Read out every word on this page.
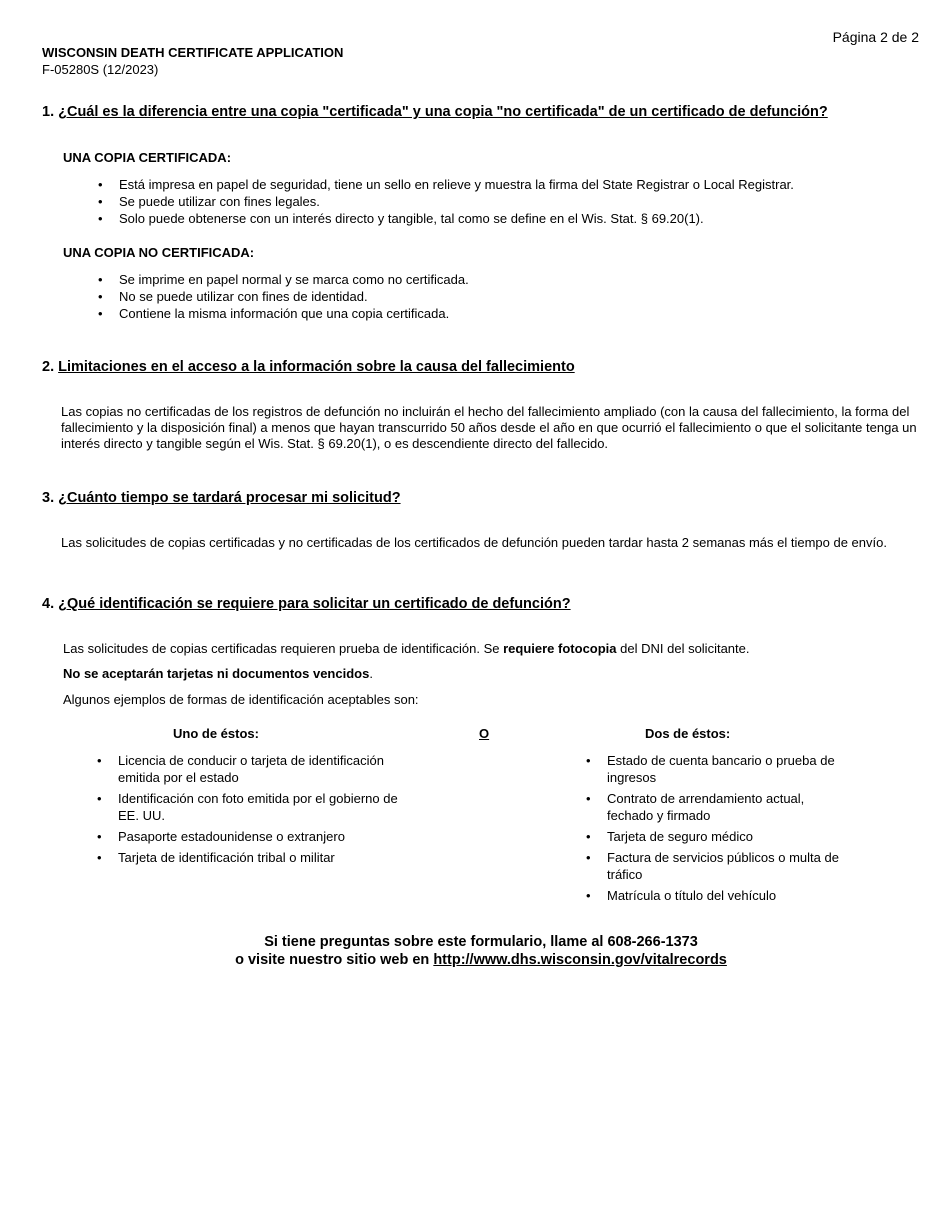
Página 2 de 2
WISCONSIN DEATH CERTIFICATE APPLICATION
F-05280S (12/2023)
1. ¿Cuál es la diferencia entre una copia "certificada" y una copia "no certificada" de un certificado de defunción?
UNA COPIA CERTIFICADA:
• Está impresa en papel de seguridad, tiene un sello en relieve y muestra la firma del State Registrar o Local Registrar.
• Se puede utilizar con fines legales.
• Solo puede obtenerse con un interés directo y tangible, tal como se define en el Wis. Stat. § 69.20(1).
UNA COPIA NO CERTIFICADA:
• Se imprime en papel normal y se marca como no certificada.
• No se puede utilizar con fines de identidad.
• Contiene la misma información que una copia certificada.
2. Limitaciones en el acceso a la información sobre la causa del fallecimiento
Las copias no certificadas de los registros de defunción no incluirán el hecho del fallecimiento ampliado (con la causa del fallecimiento, la forma del fallecimiento y la disposición final) a menos que hayan transcurrido 50 años desde el año en que ocurrió el fallecimiento o que el solicitante tenga un interés directo y tangible según el Wis. Stat. § 69.20(1), o es descendiente directo del fallecido.
3. ¿Cuánto tiempo se tardará procesar mi solicitud?
Las solicitudes de copias certificadas y no certificadas de los certificados de defunción pueden tardar hasta 2 semanas más el tiempo de envío.
4. ¿Qué identificación se requiere para solicitar un certificado de defunción?
Las solicitudes de copias certificadas requieren prueba de identificación. Se requiere fotocopia del DNI del solicitante.
No se aceptarán tarjetas ni documentos vencidos.
Algunos ejemplos de formas de identificación aceptables son:
Uno de éstos:	O	Dos de éstos:
• Licencia de conducir o tarjeta de identificación emitida por el estado
• Identificación con foto emitida por el gobierno de EE. UU.
• Pasaporte estadounidense o extranjero
• Tarjeta de identificación tribal o militar
• Estado de cuenta bancario o prueba de ingresos
• Contrato de arrendamiento actual, fechado y firmado
• Tarjeta de seguro médico
• Factura de servicios públicos o multa de tráfico
• Matrícula o título del vehículo
Si tiene preguntas sobre este formulario, llame al 608-266-1373
o visite nuestro sitio web en http://www.dhs.wisconsin.gov/vitalrecords
